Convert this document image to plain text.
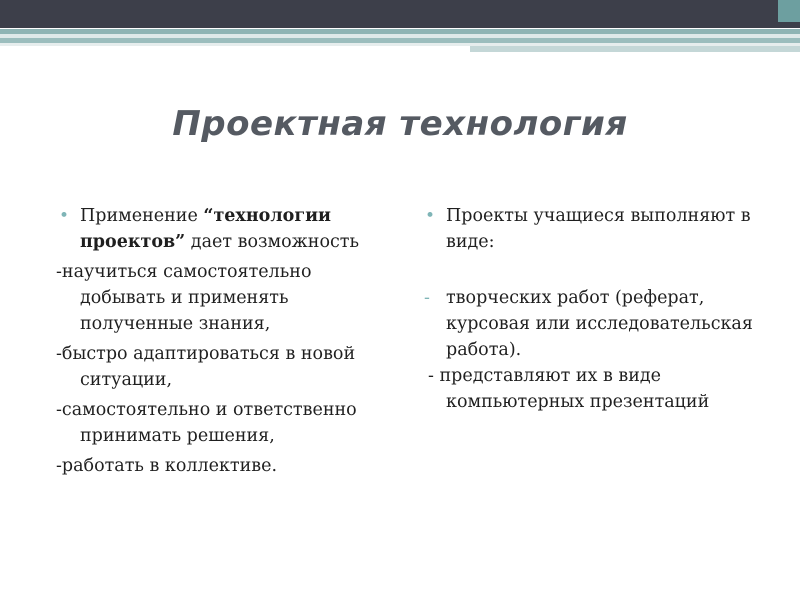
Проектная технология
• Применение “технологии проектов” дает возможность
-научиться самостоятельно добывать и применять полученные знания,
-быстро адаптироваться в новой ситуации,
-самостоятельно и ответственно принимать решения,
-работать в коллективе.
• Проекты учащиеся выполняют в виде:
- творческих работ (реферат, курсовая или исследовательская работа).
- представляют их в виде компьютерных презентаций
